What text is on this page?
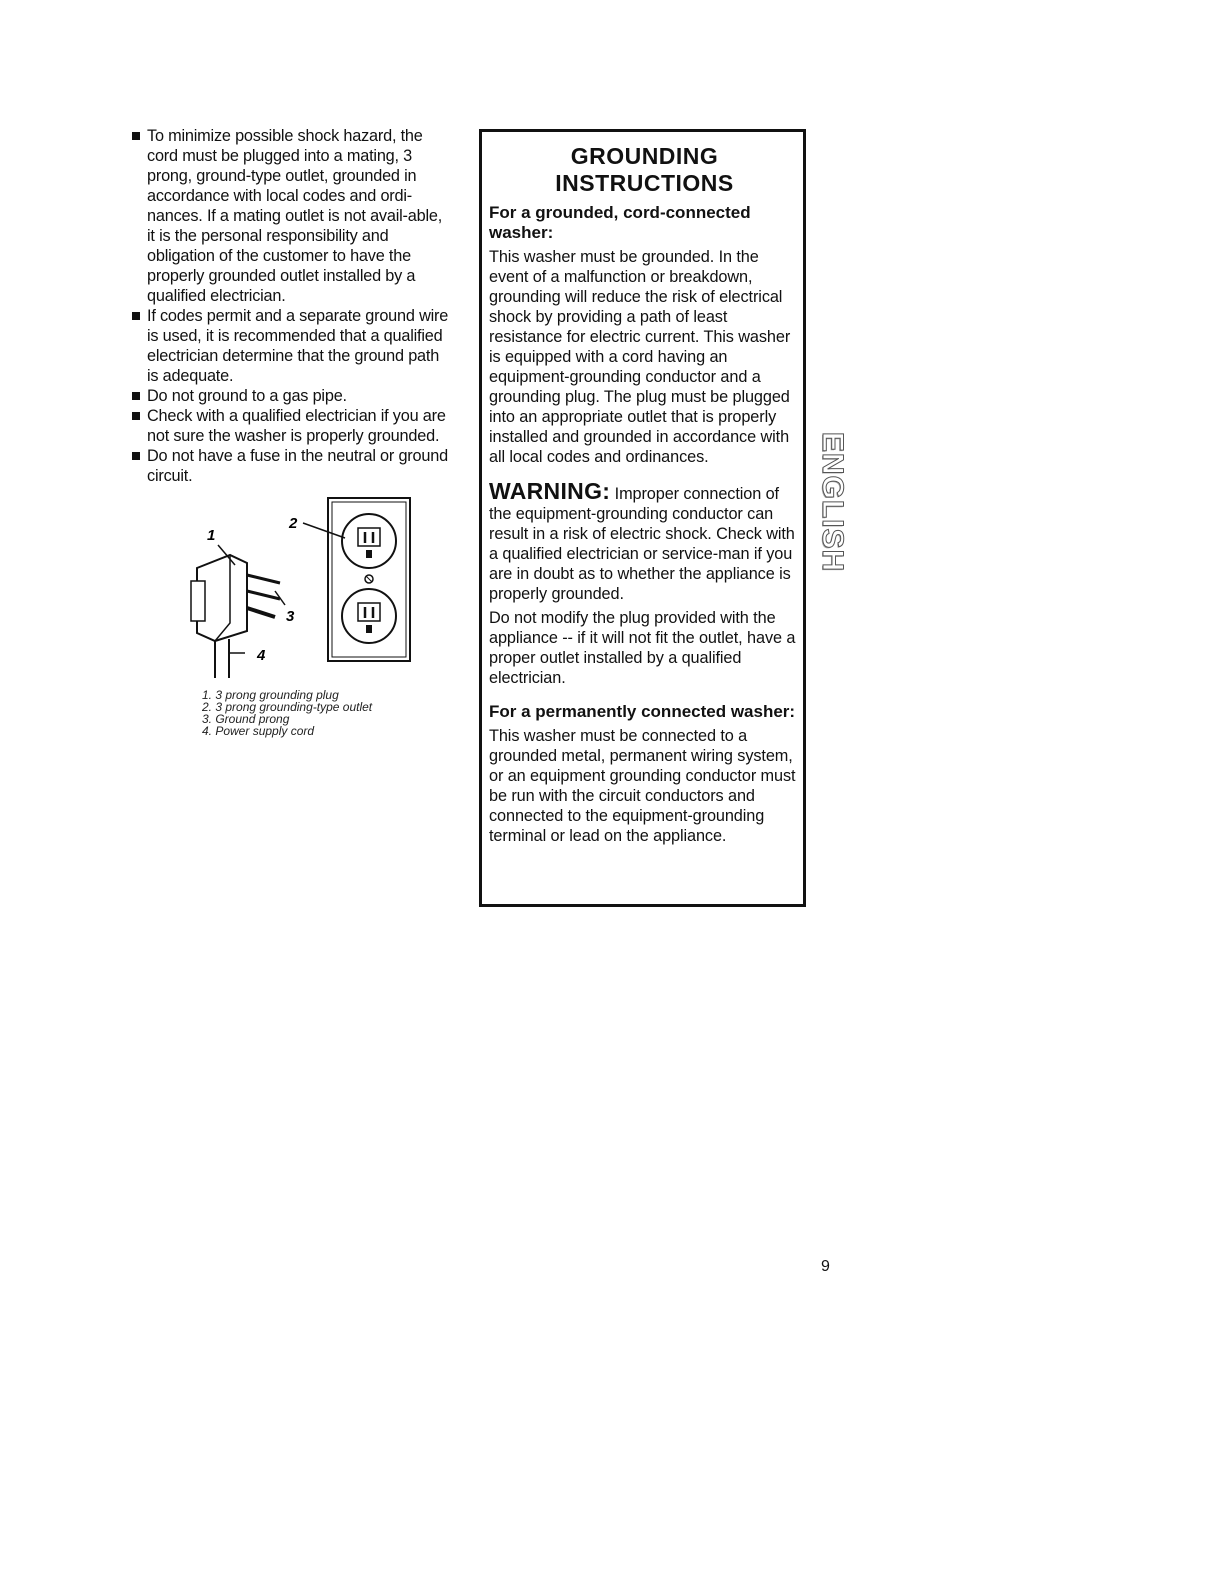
To minimize possible shock hazard, the cord must be plugged into a mating, 3 prong, ground-type outlet, grounded in accordance with local codes and ordi-nances. If a mating outlet is not avail-able, it is the personal responsibility and obligation of the customer to have the properly grounded outlet installed by a qualified electrician.
If codes permit and a separate ground wire is used, it is recommended that a qualified electrician determine that the ground path is adequate.
Do not ground to a gas pipe.
Check with a qualified electrician if you are not sure the washer is properly grounded.
Do not have a fuse in the neutral or ground circuit.
1
2
3
4
1. 3 prong grounding plug
2. 3 prong grounding-type outlet
3. Ground prong
4. Power supply cord
GROUNDING
INSTRUCTIONS
For a grounded, cord-connected washer:

This washer must be grounded. In the event of a malfunction or breakdown, grounding will reduce the risk of electrical shock by providing a path of least resistance for electric current. This washer is equipped with a cord having an equipment-grounding conductor and a grounding plug. The plug must be plugged into an appropriate outlet that is properly installed and grounded in accordance with all local codes and ordinances.

WARNING: Improper connection of the equipment-grounding conductor can result in a risk of electric shock. Check with a qualified electrician or service-man if you are in doubt as to whether the appliance is properly grounded.

Do not modify the plug provided with the appliance -- if it will not fit the outlet, have a proper outlet installed by a qualified electrician.

For a permanently connected washer:

This washer must be connected to a grounded metal, permanent wiring system, or an equipment grounding conductor must be run with the circuit conductors and connected to the equipment-grounding terminal or lead on the appliance.

ENGLISH
9
